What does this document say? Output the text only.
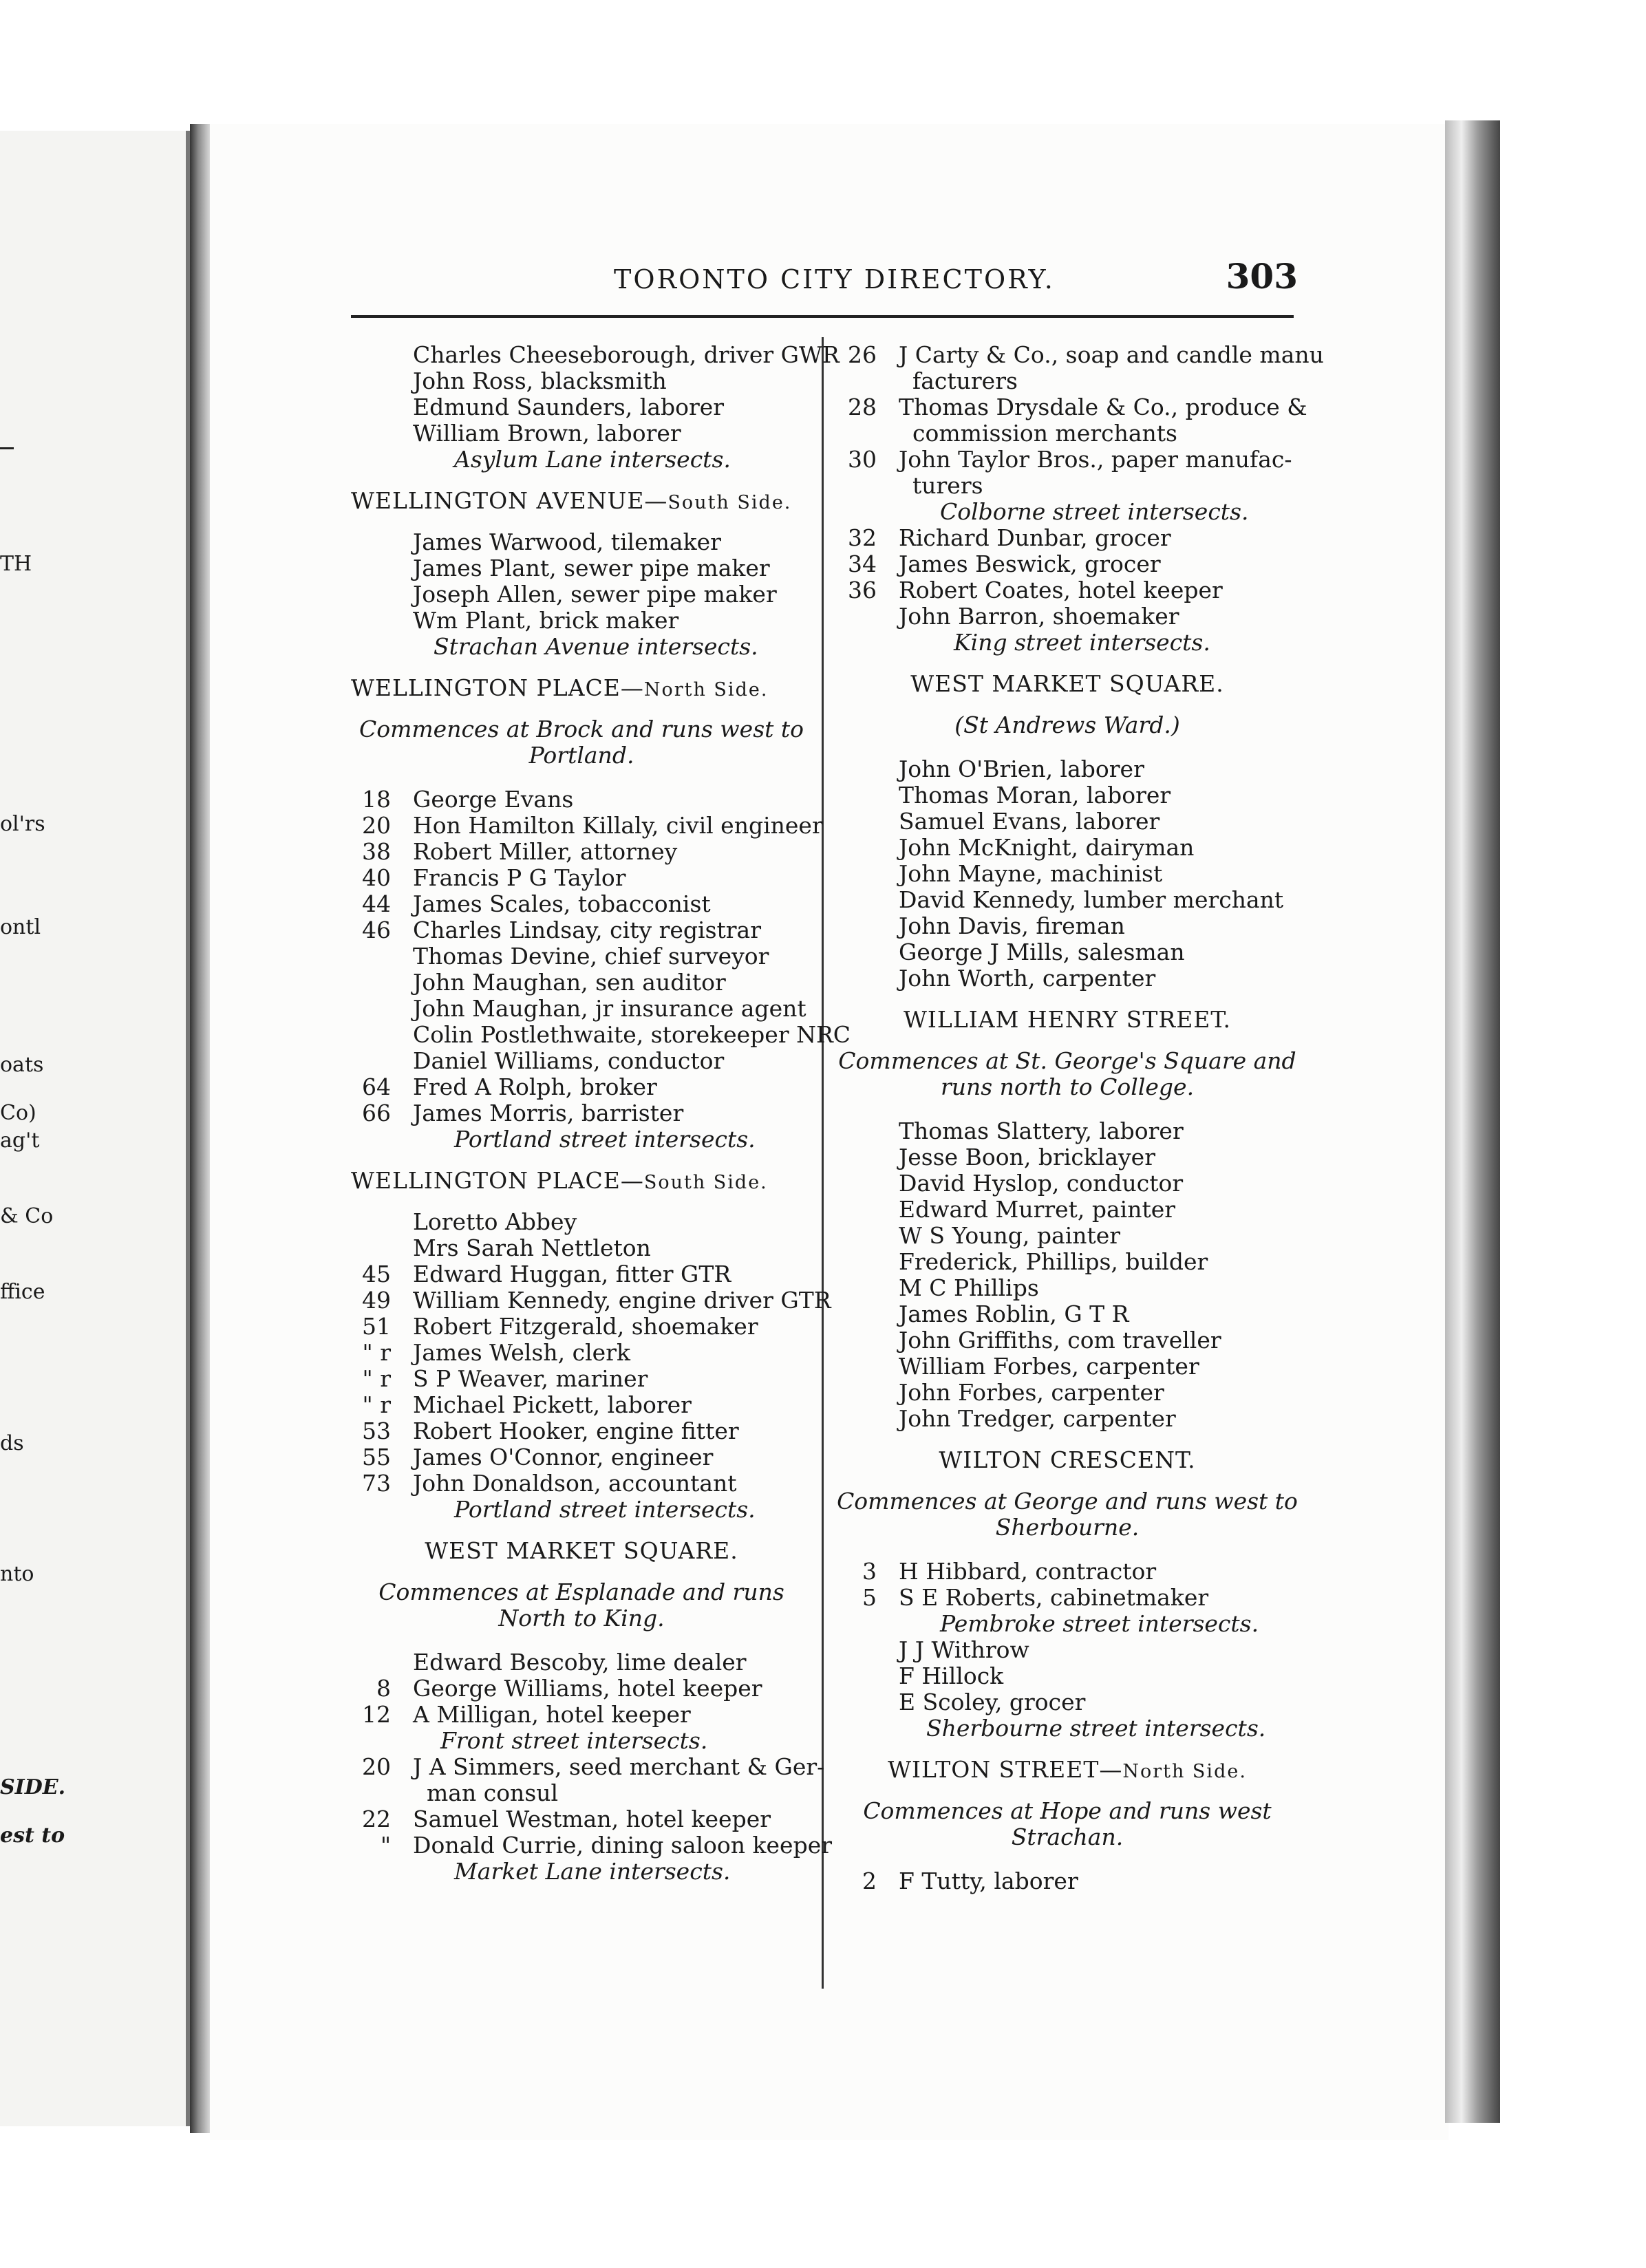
TH
ol'rs
ontl
oats
Co)
ag't
& Co
ffice
ds
nto
SIDE.
est to
TORONTO CITY DIRECTORY.	303
Charles Cheeseborough, driver GWR
John Ross, blacksmith
Edmund Saunders, laborer
William Brown, laborer
Asylum Lane intersects.
WELLINGTON AVENUE—South Side.
James Warwood, tilemaker
James Plant, sewer pipe maker
Joseph Allen, sewer pipe maker
Wm Plant, brick maker
Strachan Avenue intersects.
WELLINGTON PLACE—North Side.
Commences at Brock and runs west to Portland.
18 George Evans
20 Hon Hamilton Killaly, civil engineer
38 Robert Miller, attorney
40 Francis P G Taylor
44 James Scales, tobacconist
46 Charles Lindsay, city registrar
Thomas Devine, chief surveyor
John Maughan, sen auditor
John Maughan, jr insurance agent
Colin Postlethwaite, storekeeper NRC
Daniel Williams, conductor
64 Fred A Rolph, broker
66 James Morris, barrister
Portland street intersects.
WELLINGTON PLACE—South Side.
Loretto Abbey
Mrs Sarah Nettleton
45 Edward Huggan, fitter GTR
49 William Kennedy, engine driver GTR
51 Robert Fitzgerald, shoemaker
" r James Welsh, clerk
" r S P Weaver, mariner
" r Michael Pickett, laborer
53 Robert Hooker, engine fitter
55 James O'Connor, engineer
73 John Donaldson, accountant
Portland street intersects.
WEST MARKET SQUARE.
Commences at Esplanade and runs North to King.
Edward Bescoby, lime dealer
8 George Williams, hotel keeper
12 A Milligan, hotel keeper
Front street intersects.
20 J A Simmers, seed merchant & Ger-
man consul
22 Samuel Westman, hotel keeper
" Donald Currie, dining saloon keeper
Market Lane intersects.
26 J Carty & Co., soap and candle manu
facturers
28 Thomas Drysdale & Co., produce &
commission merchants
30 John Taylor Bros., paper manufac-
turers
Colborne street intersects.
32 Richard Dunbar, grocer
34 James Beswick, grocer
36 Robert Coates, hotel keeper
John Barron, shoemaker
King street intersects.
WEST MARKET SQUARE.
(St Andrews Ward.)
John O'Brien, laborer
Thomas Moran, laborer
Samuel Evans, laborer
John McKnight, dairyman
John Mayne, machinist
David Kennedy, lumber merchant
John Davis, fireman
George J Mills, salesman
John Worth, carpenter
WILLIAM HENRY STREET.
Commences at St. George's Square and runs north to College.
Thomas Slattery, laborer
Jesse Boon, bricklayer
David Hyslop, conductor
Edward Murret, painter
W S Young, painter
Frederick, Phillips, builder
M C Phillips
James Roblin, G T R
John Griffiths, com traveller
William Forbes, carpenter
John Forbes, carpenter
John Tredger, carpenter
WILTON CRESCENT.
Commences at George and runs west to Sherbourne.
3 H Hibbard, contractor
5 S E Roberts, cabinetmaker
Pembroke street intersects.
J J Withrow
F Hillock
E Scoley, grocer
Sherbourne street intersects.
WILTON STREET—North Side.
Commences at Hope and runs west Strachan.
2 F Tutty, laborer
